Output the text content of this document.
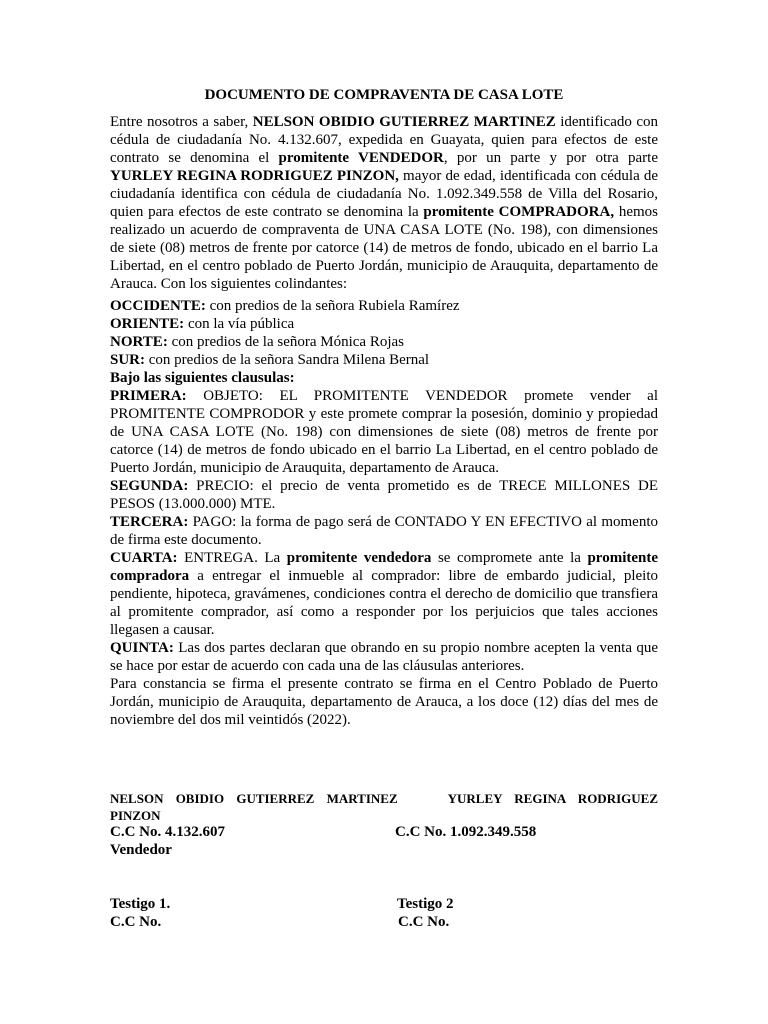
DOCUMENTO DE COMPRAVENTA DE CASA LOTE

Entre nosotros a saber, NELSON OBIDIO GUTIERREZ MARTINEZ identificado con cédula de ciudadanía No. 4.132.607, expedida en Guayata, quien para efectos de este contrato se denomina el promitente VENDEDOR, por un parte y por otra parte YURLEY REGINA RODRIGUEZ PINZON, mayor de edad, identificada con cédula de ciudadanía identifica con cédula de ciudadanía No. 1.092.349.558 de Villa del Rosario, quien para efectos de este contrato se denomina la promitente COMPRADORA, hemos realizado un acuerdo de compraventa de UNA CASA LOTE (No. 198), con dimensiones de siete (08) metros de frente por catorce (14) de metros de fondo, ubicado en el barrio La Libertad, en el centro poblado de Puerto Jordán, municipio de Arauquita, departamento de Arauca. Con los siguientes colindantes:

OCCIDENTE: con predios de la señora Rubiela Ramírez

ORIENTE: con la vía pública

NORTE: con predios de la señora Mónica Rojas

SUR: con predios de la señora Sandra Milena Bernal

Bajo las siguientes clausulas:

PRIMERA: OBJETO: EL PROMITENTE VENDEDOR promete vender al PROMITENTE COMPRODOR y este promete comprar la posesión, dominio y propiedad de UNA CASA LOTE (No. 198) con dimensiones de siete (08) metros de frente por catorce (14) de metros de fondo ubicado en el barrio La Libertad, en el centro poblado de Puerto Jordán, municipio de Arauquita, departamento de Arauca.

SEGUNDA: PRECIO: el precio de venta prometido es de TRECE MILLONES DE PESOS (13.000.000) MTE.

TERCERA: PAGO: la forma de pago será de CONTADO Y EN EFECTIVO al momento de firma este documento.

CUARTA: ENTREGA. La promitente vendedora se compromete ante la promitente compradora a entregar el inmueble al comprador: libre de embardo judicial, pleito pendiente, hipoteca, gravámenes, condiciones contra el derecho de domicilio que transfiera al promitente comprador, así como a responder por los perjuicios que tales acciones llegasen a causar.

QUINTA: Las dos partes declaran que obrando en su propio nombre acepten la venta que se hace por estar de acuerdo con cada una de las cláusulas anteriores.

Para constancia se firma el presente contrato se firma en el Centro Poblado de Puerto Jordán, municipio de Arauquita, departamento de Arauca, a los doce (12) días del mes de noviembre del dos mil veintidós (2022).

NELSON OBIDIO GUTIERREZ MARTINEZ	YURLEY REGINA RODRIGUEZ PINZON
C.C No. 4.132.607	C.C No. 1.092.349.558
Vendedor
Testigo 1.	Testigo 2
C.C No.	C.C No.
